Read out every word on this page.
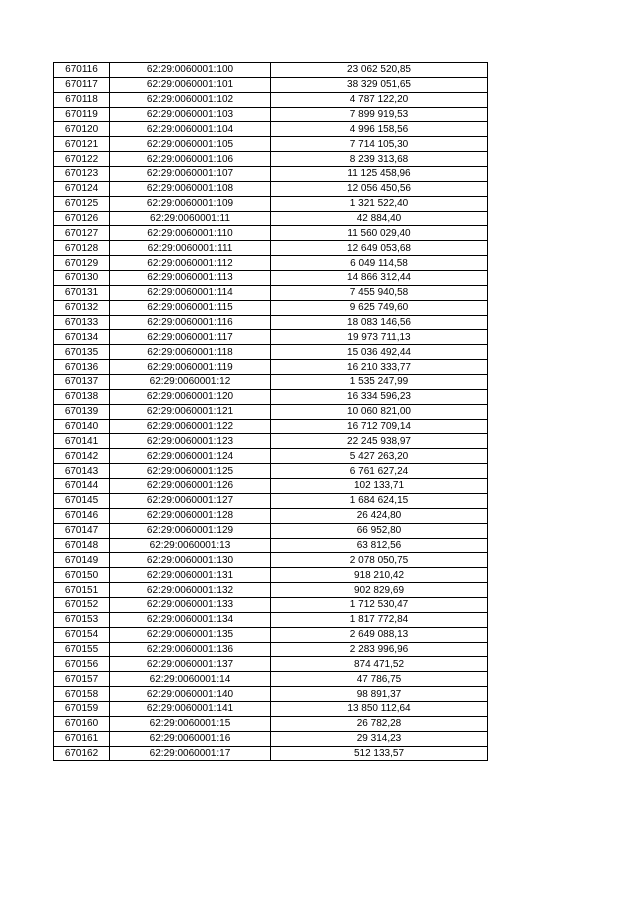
670116	62:29:0060001:100	23 062 520,85
670117	62:29:0060001:101	38 329 051,65
670118	62:29:0060001:102	4 787 122,20
670119	62:29:0060001:103	7 899 919,53
670120	62:29:0060001:104	4 996 158,56
670121	62:29:0060001:105	7 714 105,30
670122	62:29:0060001:106	8 239 313,68
670123	62:29:0060001:107	11 125 458,96
670124	62:29:0060001:108	12 056 450,56
670125	62:29:0060001:109	1 321 522,40
670126	62:29:0060001:11	42 884,40
670127	62:29:0060001:110	11 560 029,40
670128	62:29:0060001:111	12 649 053,68
670129	62:29:0060001:112	6 049 114,58
670130	62:29:0060001:113	14 866 312,44
670131	62:29:0060001:114	7 455 940,58
670132	62:29:0060001:115	9 625 749,60
670133	62:29:0060001:116	18 083 146,56
670134	62:29:0060001:117	19 973 711,13
670135	62:29:0060001:118	15 036 492,44
670136	62:29:0060001:119	16 210 333,77
670137	62:29:0060001:12	1 535 247,99
670138	62:29:0060001:120	16 334 596,23
670139	62:29:0060001:121	10 060 821,00
670140	62:29:0060001:122	16 712 709,14
670141	62:29:0060001:123	22 245 938,97
670142	62:29:0060001:124	5 427 263,20
670143	62:29:0060001:125	6 761 627,24
670144	62:29:0060001:126	102 133,71
670145	62:29:0060001:127	1 684 624,15
670146	62:29:0060001:128	26 424,80
670147	62:29:0060001:129	66 952,80
670148	62:29:0060001:13	63 812,56
670149	62:29:0060001:130	2 078 050,75
670150	62:29:0060001:131	918 210,42
670151	62:29:0060001:132	902 829,69
670152	62:29:0060001:133	1 712 530,47
670153	62:29:0060001:134	1 817 772,84
670154	62:29:0060001:135	2 649 088,13
670155	62:29:0060001:136	2 283 996,96
670156	62:29:0060001:137	874 471,52
670157	62:29:0060001:14	47 786,75
670158	62:29:0060001:140	98 891,37
670159	62:29:0060001:141	13 850 112,64
670160	62:29:0060001:15	26 782,28
670161	62:29:0060001:16	29 314,23
670162	62:29:0060001:17	512 133,57
